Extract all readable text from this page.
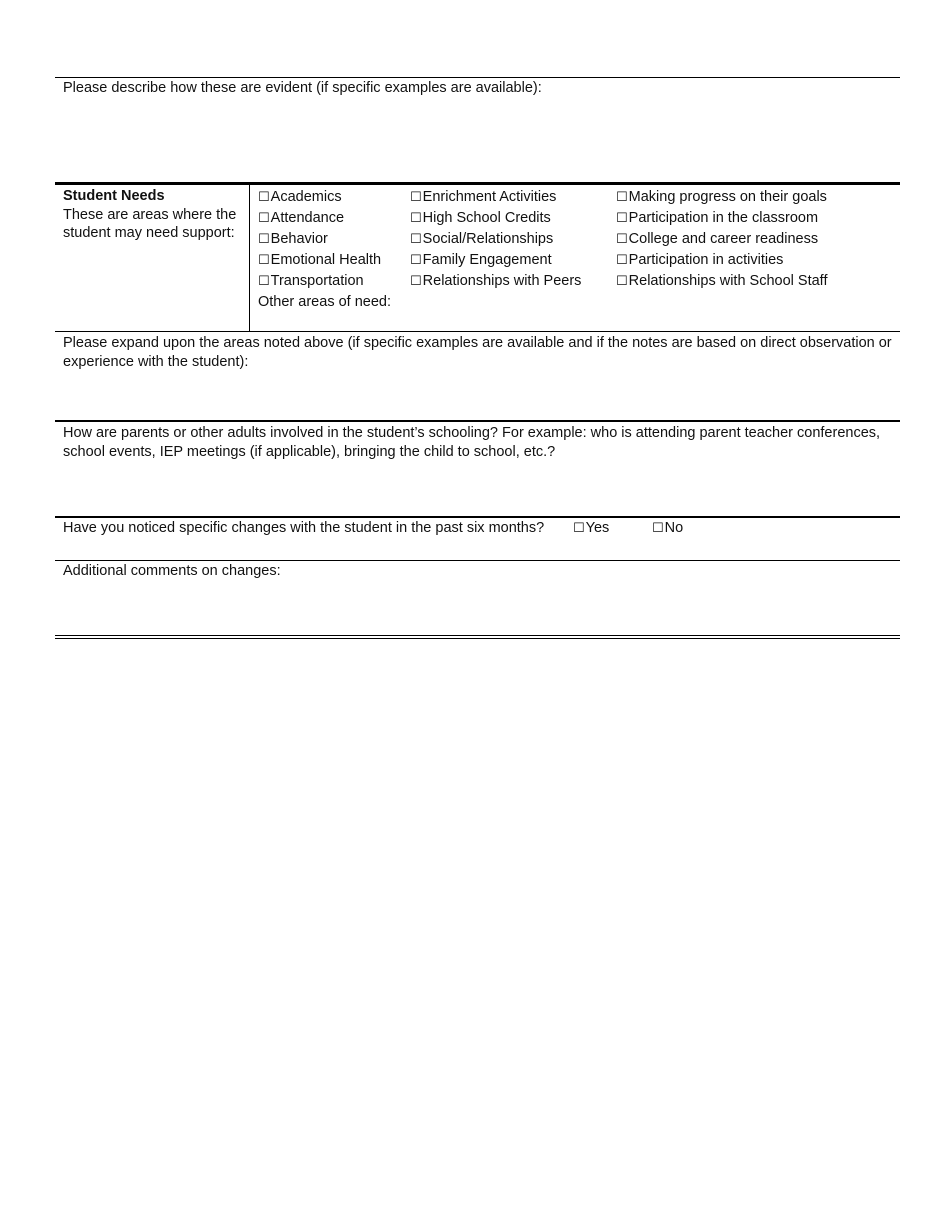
Please describe how these are evident (if specific examples are available):
Student Needs
These are areas where the student may need support:
☐Academics
☐Attendance
☐Behavior
☐Emotional Health
☐Transportation
☐Enrichment Activities
☐High School Credits
☐Social/Relationships
☐Family Engagement
☐Relationships with Peers
☐Making progress on their goals
☐Participation in the classroom
☐College and career readiness
☐Participation in activities
☐Relationships with School Staff
Other areas of need:
Please expand upon the areas noted above (if specific examples are available and if the notes are based on direct observation or experience with the student):
How are parents or other adults involved in the student’s schooling? For example: who is attending parent teacher conferences, school events, IEP meetings (if applicable), bringing the child to school, etc.?
Have you noticed specific changes with the student in the past six months? ☐Yes	☐No
Additional comments on changes:
